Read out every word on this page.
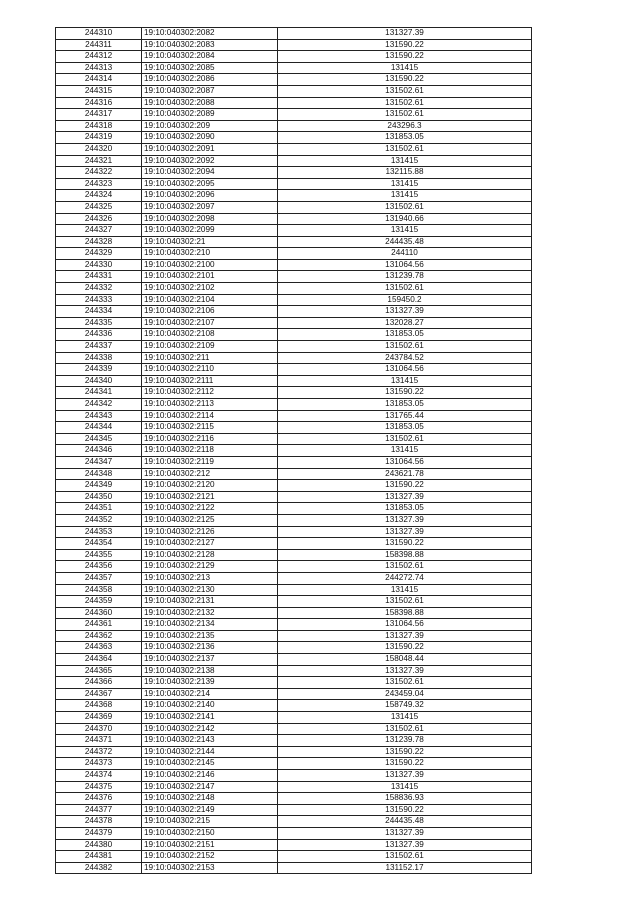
244310	19:10:040302:2082	131327.39
244311	19:10:040302:2083	131590.22
244312	19:10:040302:2084	131590.22
244313	19:10:040302:2085	131415
244314	19:10:040302:2086	131590.22
244315	19:10:040302:2087	131502.61
244316	19:10:040302:2088	131502.61
244317	19:10:040302:2089	131502.61
244318	19:10:040302:209	243296.3
244319	19:10:040302:2090	131853.05
244320	19:10:040302:2091	131502.61
244321	19:10:040302:2092	131415
244322	19:10:040302:2094	132115.88
244323	19:10:040302:2095	131415
244324	19:10:040302:2096	131415
244325	19:10:040302:2097	131502.61
244326	19:10:040302:2098	131940.66
244327	19:10:040302:2099	131415
244328	19:10:040302:21	244435.48
244329	19:10:040302:210	244110
244330	19:10:040302:2100	131064.56
244331	19:10:040302:2101	131239.78
244332	19:10:040302:2102	131502.61
244333	19:10:040302:2104	159450.2
244334	19:10:040302:2106	131327.39
244335	19:10:040302:2107	132028.27
244336	19:10:040302:2108	131853.05
244337	19:10:040302:2109	131502.61
244338	19:10:040302:211	243784.52
244339	19:10:040302:2110	131064.56
244340	19:10:040302:2111	131415
244341	19:10:040302:2112	131590.22
244342	19:10:040302:2113	131853.05
244343	19:10:040302:2114	131765.44
244344	19:10:040302:2115	131853.05
244345	19:10:040302:2116	131502.61
244346	19:10:040302:2118	131415
244347	19:10:040302:2119	131064.56
244348	19:10:040302:212	243621.78
244349	19:10:040302:2120	131590.22
244350	19:10:040302:2121	131327.39
244351	19:10:040302:2122	131853.05
244352	19:10:040302:2125	131327.39
244353	19:10:040302:2126	131327.39
244354	19:10:040302:2127	131590.22
244355	19:10:040302:2128	158398.88
244356	19:10:040302:2129	131502.61
244357	19:10:040302:213	244272.74
244358	19:10:040302:2130	131415
244359	19:10:040302:2131	131502.61
244360	19:10:040302:2132	158398.88
244361	19:10:040302:2134	131064.56
244362	19:10:040302:2135	131327.39
244363	19:10:040302:2136	131590.22
244364	19:10:040302:2137	158048.44
244365	19:10:040302:2138	131327.39
244366	19:10:040302:2139	131502.61
244367	19:10:040302:214	243459.04
244368	19:10:040302:2140	158749.32
244369	19:10:040302:2141	131415
244370	19:10:040302:2142	131502.61
244371	19:10:040302:2143	131239.78
244372	19:10:040302:2144	131590.22
244373	19:10:040302:2145	131590.22
244374	19:10:040302:2146	131327.39
244375	19:10:040302:2147	131415
244376	19:10:040302:2148	158836.93
244377	19:10:040302:2149	131590.22
244378	19:10:040302:215	244435.48
244379	19:10:040302:2150	131327.39
244380	19:10:040302:2151	131327.39
244381	19:10:040302:2152	131502.61
244382	19:10:040302:2153	131152.17
